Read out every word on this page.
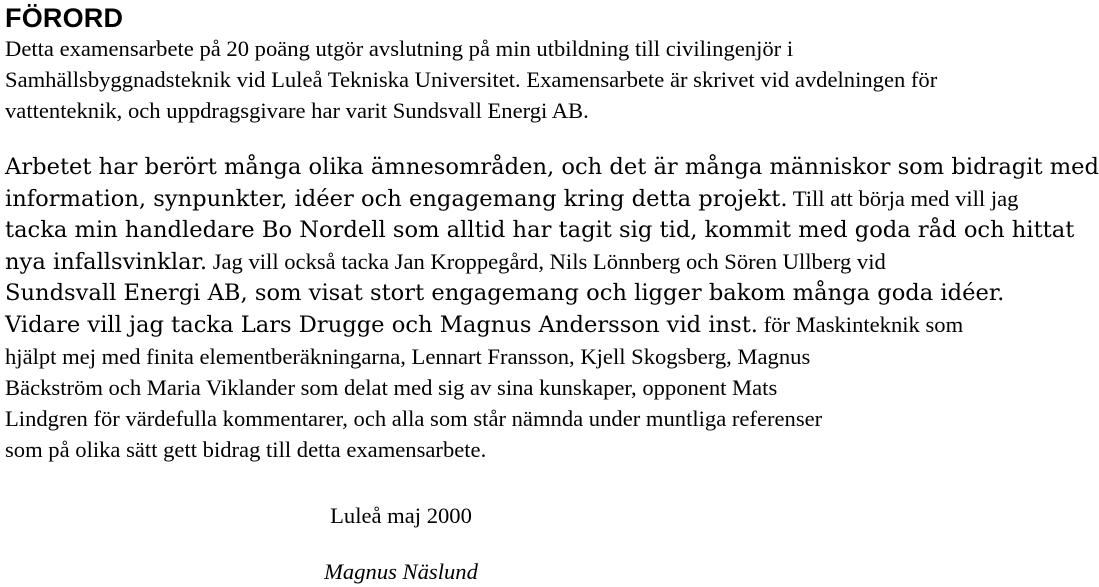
FÖRORD

Detta examensarbete på 20 poäng utgör avslutning på min utbildning till civilingenjör i Samhällsbyggnadsteknik vid Luleå Tekniska Universitet. Examensarbete är skrivet vid avdelningen för vattenteknik, och uppdragsgivare har varit Sundsvall Energi AB.

Arbetet har berört många olika ämnesområden, och det är många människor som bidragit med
information, synpunkter, idéer och engagemang kring detta projekt. Till att börja med vill jag
tacka min handledare Bo Nordell som alltid har tagit sig tid, kommit med goda råd och hittat
nya infallsvinklar. Jag vill också tacka Jan Kroppegård, Nils Lönnberg och Sören Ullberg vid
Sundsvall Energi AB, som visat stort engagemang och ligger bakom många goda idéer.
Vidare vill jag tacka Lars Drugge och Magnus Andersson vid inst. för Maskinteknik som
hjälpt mej med finita elementberäkningarna, Lennart Fransson, Kjell Skogsberg, Magnus
Bäckström och Maria Viklander som delat med sig av sina kunskaper, opponent Mats
Lindgren för värdefulla kommentarer, och alla som står nämnda under muntliga referenser
som på olika sätt gett bidrag till detta examensarbete.

Luleå maj 2000

Magnus Näslund
